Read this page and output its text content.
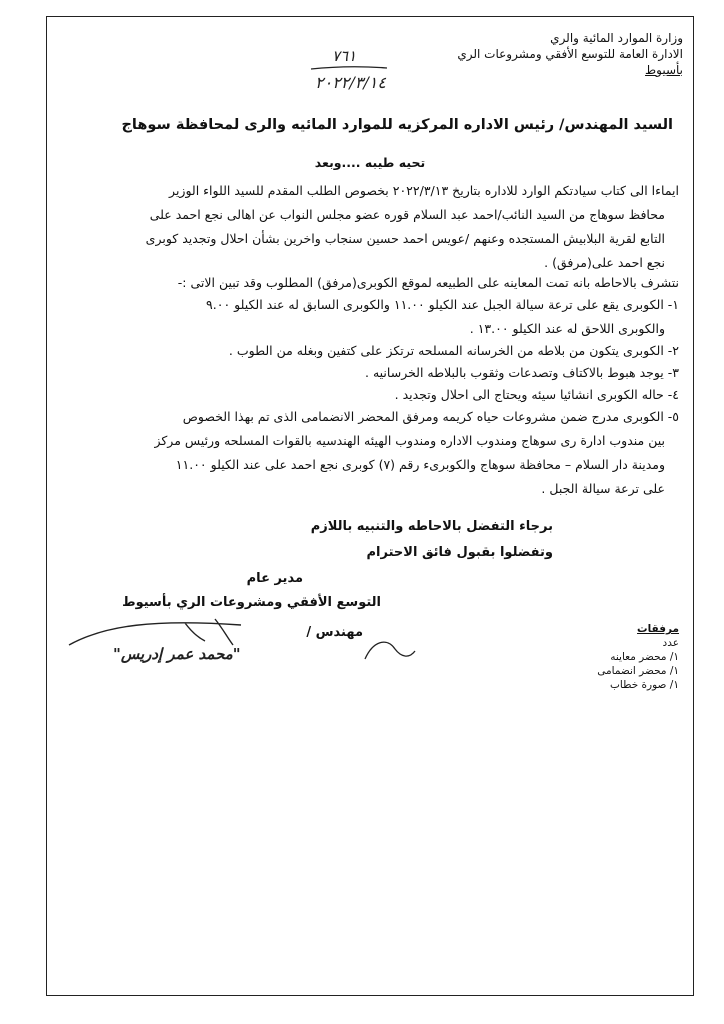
وزارة الموارد المائية والري
الادارة العامة للتوسع الأفقي ومشروعات الري
بأسيوط
٧٦١
٢٠٢٢/٣/١٤
السيد المهندس/ رئيس الاداره المركزيه للموارد المائيه والرى لمحافظة سوهاج
تحيه طيبه ....وبعد
ايماءا الى كتاب سيادتكم الوارد للاداره بتاريخ ٢٠٢٢/٣/١٣ بخصوص الطلب المقدم للسيد اللواء الوزير
محافظ سوهاج من السيد النائب/احمد عبد السلام قوره عضو مجلس النواب عن اهالى نجع احمد على
التابع لقرية البلابيش المستجده وعنهم /عويس احمد حسين سنجاب واخرين بشأن احلال وتجديد كوبرى
نجع احمد على(مرفق) .
نتشرف بالاحاطه بانه تمت المعاينه على الطبيعه لموقع الكوبرى(مرفق) المطلوب وقد تبين الاتى :-
١- الكوبرى يقع على ترعة سيالة الجبل عند الكيلو ١١.٠٠ والكوبرى السابق له عند الكيلو ٩.٠٠
والكوبرى اللاحق له عند الكيلو ١٣.٠٠ .
٢- الكوبرى يتكون من بلاطه من الخرسانه المسلحه ترتكز على كتفين وبغله من الطوب .
٣- يوجد هبوط بالاكتاف وتصدعات وثقوب بالبلاطه الخرسانيه .
٤- حاله الكوبرى انشائيا سيئه ويحتاج الى احلال وتجديد .
٥- الكوبرى مدرج ضمن مشروعات حياه كريمه ومرفق المحضر الانضمامى الذى تم بهذا الخصوص
بين مندوب ادارة رى سوهاج ومندوب الاداره ومندوب الهيئه الهندسيه بالقوات المسلحه ورئيس مركز
ومدينة دار السلام – محافظة سوهاج والكوبرىء رقم (٧) كوبرى نجع احمد على عند الكيلو ١١.٠٠
على ترعة سيالة الجبل .
برجاء التفضل بالاحاطه والتنبيه باللازم
وتفضلوا بقبول فائق الاحترام
مدير عام
التوسع الأفقي ومشروعات الري بأسيوط
مهندس /
"محمد عمر إدريس"
مرفقات
عدد
١/ محضر معاينه
١/ محضر انضمامى
١/ صورة خطاب
